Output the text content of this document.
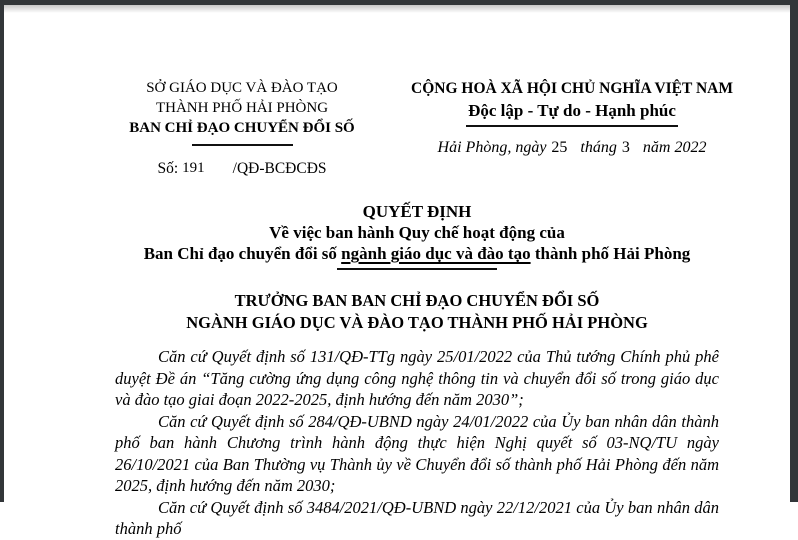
SỞ GIÁO DỤC VÀ ĐÀO TẠO
THÀNH PHỐ HẢI PHÒNG
BAN CHỈ ĐẠO CHUYỂN ĐỔI SỐ
Số: 191 /QĐ-BCĐCĐS
CỘNG HOÀ XÃ HỘI CHỦ NGHĨA VIỆT NAM
Độc lập - Tự do - Hạnh phúc
Hải Phòng, ngày 25 tháng 3 năm 2022
QUYẾT ĐỊNH
Về việc ban hành Quy chế hoạt động của
Ban Chỉ đạo chuyển đổi số ngành giáo dục và đào tạo thành phố Hải Phòng
TRƯỞNG BAN BAN CHỈ ĐẠO CHUYỂN ĐỔI SỐ
NGÀNH GIÁO DỤC VÀ ĐÀO TẠO THÀNH PHỐ HẢI PHÒNG

Căn cứ Quyết định số 131/QĐ-TTg ngày 25/01/2022 của Thủ tướng Chính phủ phê duyệt Đề án “Tăng cường ứng dụng công nghệ thông tin và chuyển đổi số trong giáo dục và đào tạo giai đoạn 2022-2025, định hướng đến năm 2030”;

Căn cứ Quyết định số 284/QĐ-UBND ngày 24/01/2022 của Ủy ban nhân dân thành phố ban hành Chương trình hành động thực hiện Nghị quyết số 03-NQ/TU ngày 26/10/2021 của Ban Thường vụ Thành ủy về Chuyển đổi số thành phố Hải Phòng đến năm 2025, định hướng đến năm 2030;

Căn cứ Quyết định số 3484/2021/QĐ-UBND ngày 22/12/2021 của Ủy ban nhân dân thành phố
